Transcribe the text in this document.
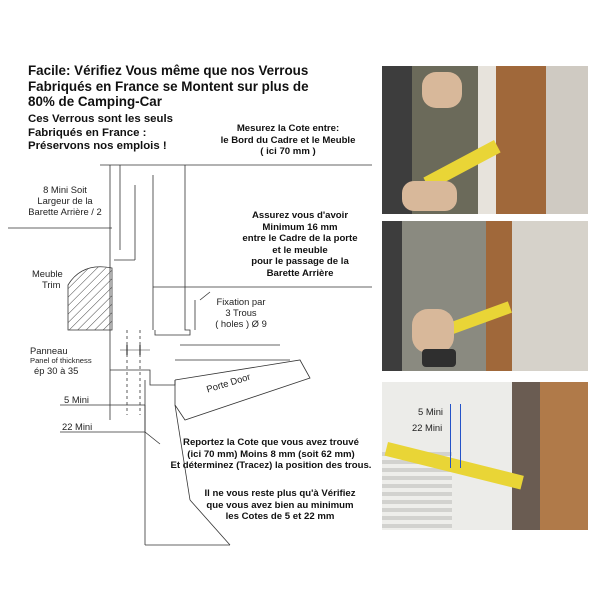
Facile: Vérifiez Vous même que nos Verrous
Fabriqués en France se Montent sur plus de
80% de Camping-Car
Ces Verrous sont les seuls
Fabriqués en France :
Préservons nos emplois !
Mesurez la Cote entre:
le Bord du Cadre et le Meuble
( ici 70 mm )
Assurez vous d'avoir
Minimum 16 mm
entre le Cadre de la porte
et le meuble
pour le passage de la
Barette Arrière
Reportez la Cote que vous avez trouvé
(ici 70 mm) Moins 8 mm (soit 62 mm)
Et déterminez (Tracez) la position des trous.
Il ne vous reste plus qu'à Vérifiez
que vous avez bien au minimum
les Cotes de 5 et 22 mm
8 Mini Soit
Largeur de la
Barette Arrière / 2
Meuble
Trim
Fixation par
3 Trous
( holes ) Ø 9
Panneau
Panel of thickness
ép 30 à 35
Porte Door
5 Mini
22 Mini
5 Mini
22 Mini
